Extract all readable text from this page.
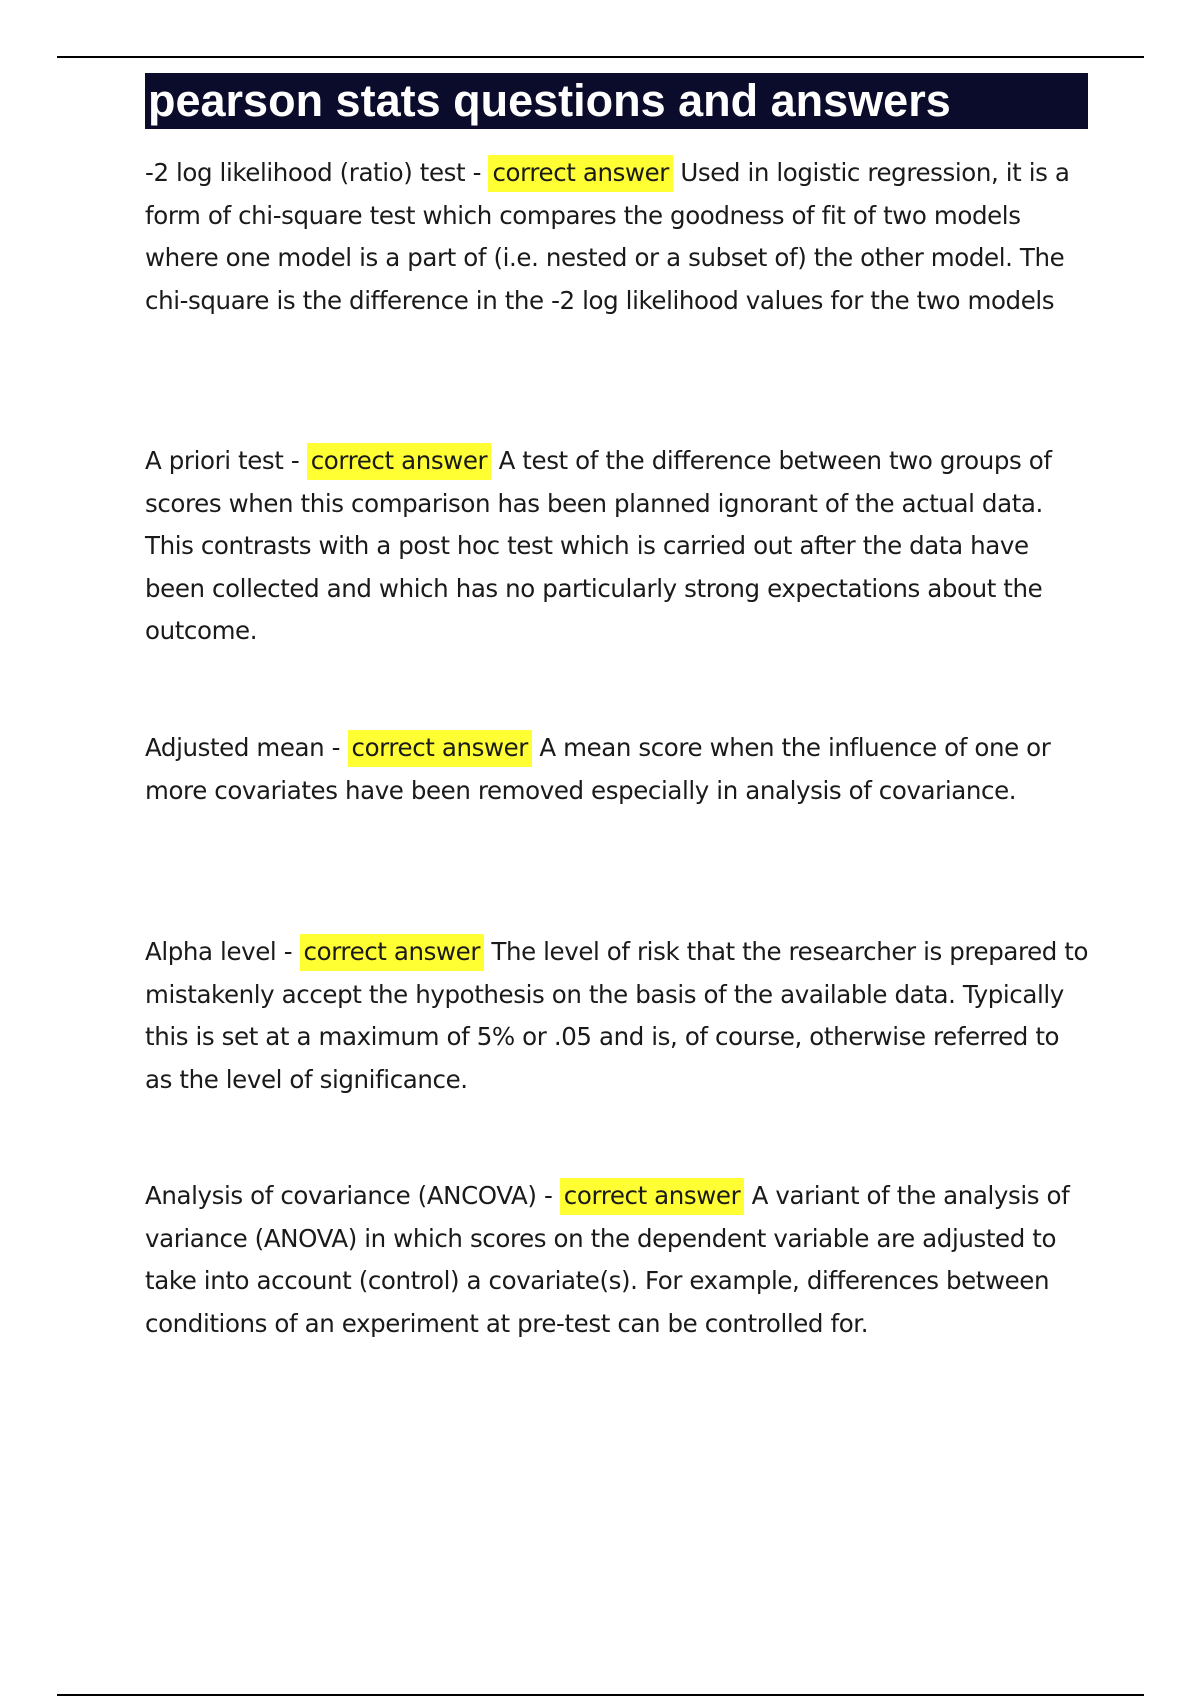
pearson stats questions and answers

-2 log likelihood (ratio) test - correct answer Used in logistic regression, it is a form of chi-square test which compares the goodness of fit of two models where one model is a part of (i.e. nested or a subset of) the other model. The chi-square is the difference in the -2 log likelihood values for the two models

A priori test - correct answer A test of the difference between two groups of scores when this comparison has been planned ignorant of the actual data. This contrasts with a post hoc test which is carried out after the data have been collected and which has no particularly strong expectations about the outcome.

Adjusted mean - correct answer A mean score when the influence of one or more covariates have been removed especially in analysis of covariance.

Alpha level - correct answer The level of risk that the researcher is prepared to mistakenly accept the hypothesis on the basis of the available data. Typically this is set at a maximum of 5% or .05 and is, of course, otherwise referred to as the level of significance.

Analysis of covariance (ANCOVA) - correct answer A variant of the analysis of variance (ANOVA) in which scores on the dependent variable are adjusted to take into account (control) a covariate(s). For example, differences between conditions of an experiment at pre-test can be controlled for.
